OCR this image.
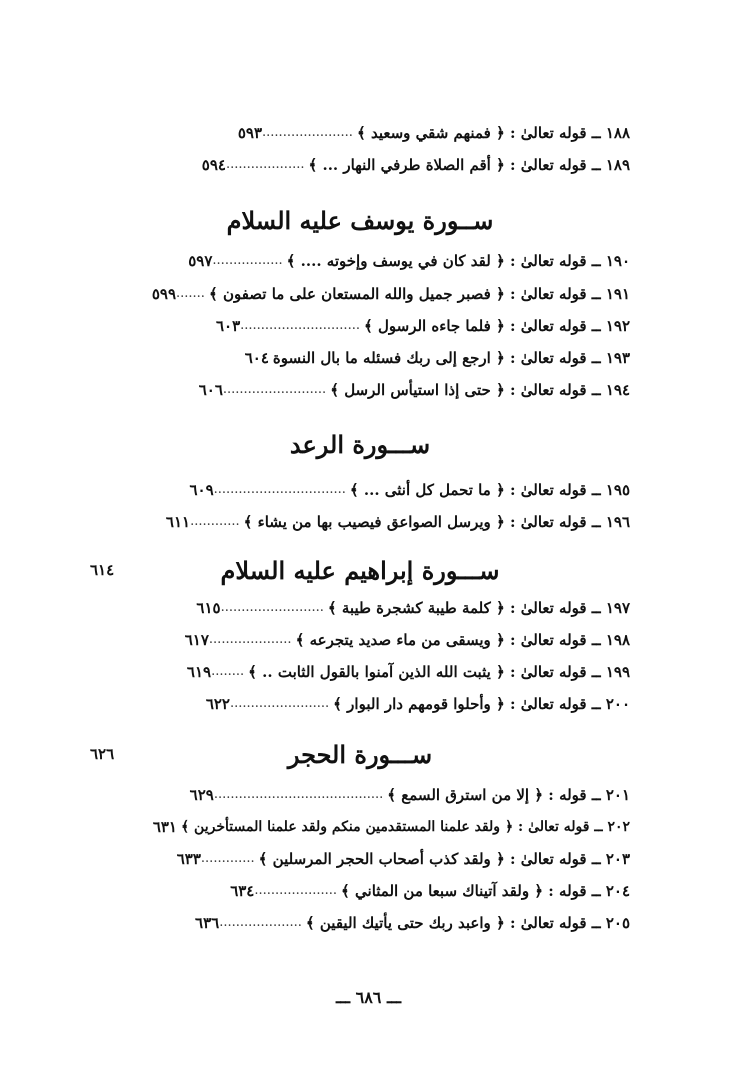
١٨٨ ــ قوله تعالىٰ : ﴿ فمنهم شقي وسعيد ﴾
......................
٥٩٣
١٨٩ ــ قوله تعالىٰ : ﴿ أقم الصلاة طرفي النهار ... ﴾
...................
٥٩٤
ســورة يوسف عليه السلام
١٩٠ ــ قوله تعالىٰ : ﴿ لقد كان في يوسف وإخوته .... ﴾
.................
٥٩٧
١٩١ ــ قوله تعالىٰ : ﴿ فصبر جميل والله المستعان على ما تصفون ﴾
.......
٥٩٩
١٩٢ ــ قوله تعالىٰ : ﴿ فلما جاءه الرسول ﴾
.............................
٦٠٣
١٩٣ ــ قوله تعالىٰ : ﴿ ارجع إلى ربك فسئله ما بال النسوة
٦٠٤
١٩٤ ــ قوله تعالىٰ : ﴿ حتى إذا استيأس الرسل ﴾
.........................
٦٠٦
ســـورة الرعد
١٩٥ ــ قوله تعالىٰ : ﴿ ما تحمل كل أنثى ... ﴾
................................
٦٠٩
١٩٦ ــ قوله تعالىٰ : ﴿ ويرسل الصواعق فيصيب بها من يشاء ﴾
............
٦١١
٦١٤	ســـورة إبراهيم عليه السلام
١٩٧ ــ قوله تعالىٰ : ﴿ كلمة طيبة كشجرة طيبة ﴾
.........................
٦١٥
١٩٨ ــ قوله تعالىٰ : ﴿ ويسقى من ماء صديد يتجرعه ﴾
....................
٦١٧
١٩٩ ــ قوله تعالىٰ : ﴿ يثبت الله الذين آمنوا بالقول الثابت .. ﴾
........
٦١٩
٢٠٠ ــ قوله تعالىٰ : ﴿ وأحلوا قومهم دار البوار ﴾
........................
٦٢٢
٦٢٦	ســـورة الحجر
٢٠١ ــ قوله : ﴿ إلا من استرق السمع ﴾
.........................................
٦٢٩
٢٠٢ ــ قوله تعالىٰ : ﴿ ولقد علمنا المستقدمين منكم ولقد علمنا المستأخرين ﴾
٦٣١
٢٠٣ ــ قوله تعالىٰ : ﴿ ولقد كذب أصحاب الحجر المرسلين ﴾
.............
٦٣٣
٢٠٤ ــ قوله : ﴿ ولقد آتيناك سبعا من المثاني ﴾
....................
٦٣٤
٢٠٥ ــ قوله تعالىٰ : ﴿ واعبد ربك حتى يأتيك اليقين ﴾
....................
٦٣٦
ـــ ٦٨٦ ـــ
